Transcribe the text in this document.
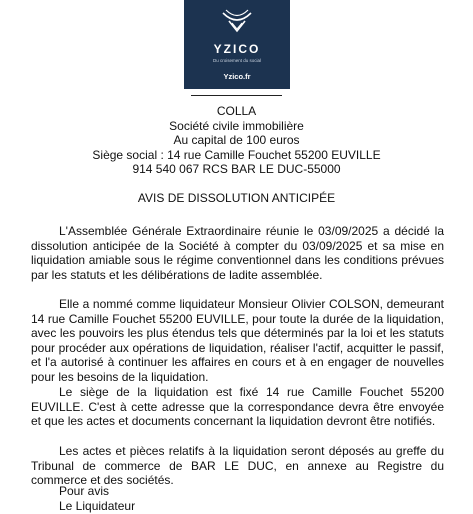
YZICO
Du croisement du social
Yzico.fr
COLLA
Société civile immobilière
Au capital de 100 euros
Siège social : 14 rue Camille Fouchet 55200 EUVILLE
914 540 067 RCS BAR LE DUC-55000
AVIS DE DISSOLUTION ANTICIPÉE

L'Assemblée Générale Extraordinaire réunie le 03/09/2025 a décidé la dissolution anticipée de la Société à compter du 03/09/2025 et sa mise en liquidation amiable sous le régime conventionnel dans les conditions prévues par les statuts et les délibérations de ladite assemblée.

Elle a nommé comme liquidateur Monsieur Olivier COLSON, demeurant 14 rue Camille Fouchet 55200 EUVILLE, pour toute la durée de la liquidation, avec les pouvoirs les plus étendus tels que déterminés par la loi et les statuts pour procéder aux opérations de liquidation, réaliser l'actif, acquitter le passif, et l'a autorisé à continuer les affaires en cours et à en engager de nouvelles pour les besoins de la liquidation.

Le siège de la liquidation est fixé 14 rue Camille Fouchet 55200 EUVILLE. C'est à cette adresse que la correspondance devra être envoyée et que les actes et documents concernant la liquidation devront être notifiés.

Les actes et pièces relatifs à la liquidation seront déposés au greffe du Tribunal de commerce de BAR LE DUC, en annexe au Registre du commerce et des sociétés.

Pour avis
Le Liquidateur
